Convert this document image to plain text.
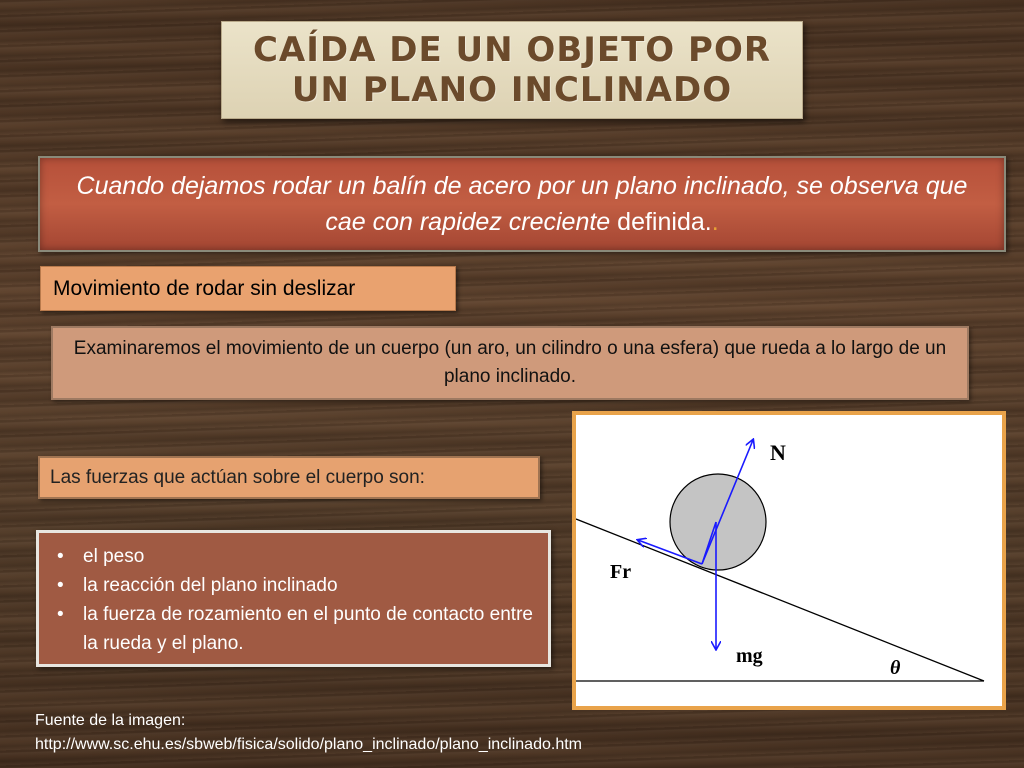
CAÍDA DE UN OBJETO POR UN PLANO INCLINADO

Cuando dejamos rodar un balín de acero por un plano inclinado, se observa que cae con rapidez creciente definida..

Movimiento de rodar sin deslizar
Examinaremos el movimiento de un cuerpo (un aro, un cilindro o una esfera) que rueda a lo largo de un plano inclinado.
Las fuerzas que actúan sobre el cuerpo son:
• el peso
• la reacción del plano inclinado
• la fuerza de rozamiento en el punto de contacto entre la rueda y el plano.
N
Fr
mg
θ
Fuente de la imagen:
http://www.sc.ehu.es/sbweb/fisica/solido/plano_inclinado/plano_inclinado.htm
